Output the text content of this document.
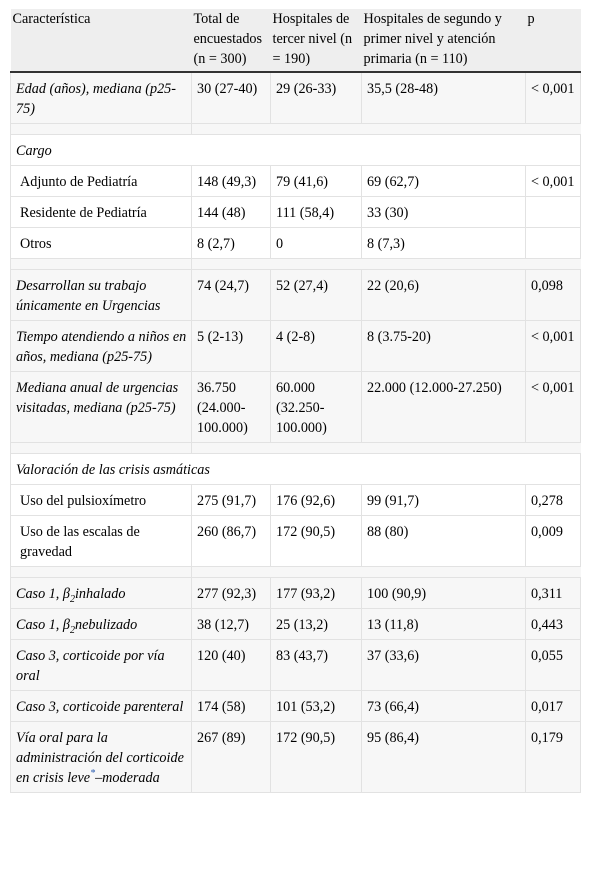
Característica	Total de encuestados (n = 300)	Hospitales de tercer nivel (n = 190)	Hospitales de segundo y primer nivel y atención primaria (n = 110)	p
Edad (años), mediana (p25-75)	30 (27-40)	29 (26-33)	35,5 (28-48)	< 0,001

Cargo				
Adjunto de Pediatría	148 (49,3)	79 (41,6)	69 (62,7)	< 0,001
Residente de Pediatría	144 (48)	111 (58,4)	33 (30)	
Otros	8 (2,7)	0	8 (7,3)	

Desarrollan su trabajo únicamente en Urgencias	74 (24,7)	52 (27,4)	22 (20,6)	0,098
Tiempo atendiendo a niños en años, mediana (p25-75)	5 (2-13)	4 (2-8)	8 (3.75-20)	< 0,001
Mediana anual de urgencias visitadas, mediana (p25-75)	36.750 (24.000-100.000)	60.000 (32.250-100.000)	22.000 (12.000-27.250)	< 0,001

Valoración de las crisis asmáticas				
Uso del pulsioxímetro	275 (91,7)	176 (92,6)	99 (91,7)	0,278
Uso de las escalas de gravedad	260 (86,7)	172 (90,5)	88 (80)	0,009

Caso 1, $\beta_2inhalado$	277 (92,3)	177 (93,2)	100 (90,9)	0,311
Caso 1, $\beta_2nebulizado$	38 (12,7)	25 (13,2)	13 (11,8)	0,443
Caso 3, corticoide por vía oral	120 (40)	83 (43,7)	37 (33,6)	0,055
Caso 3, corticoide parenteral	174 (58)	101 (53,2)	73 (66,4)	0,017
Vía oral para la administración del corticoide en crisis leve*–moderada	267 (89)	172 (90,5)	95 (86,4)	0,179
